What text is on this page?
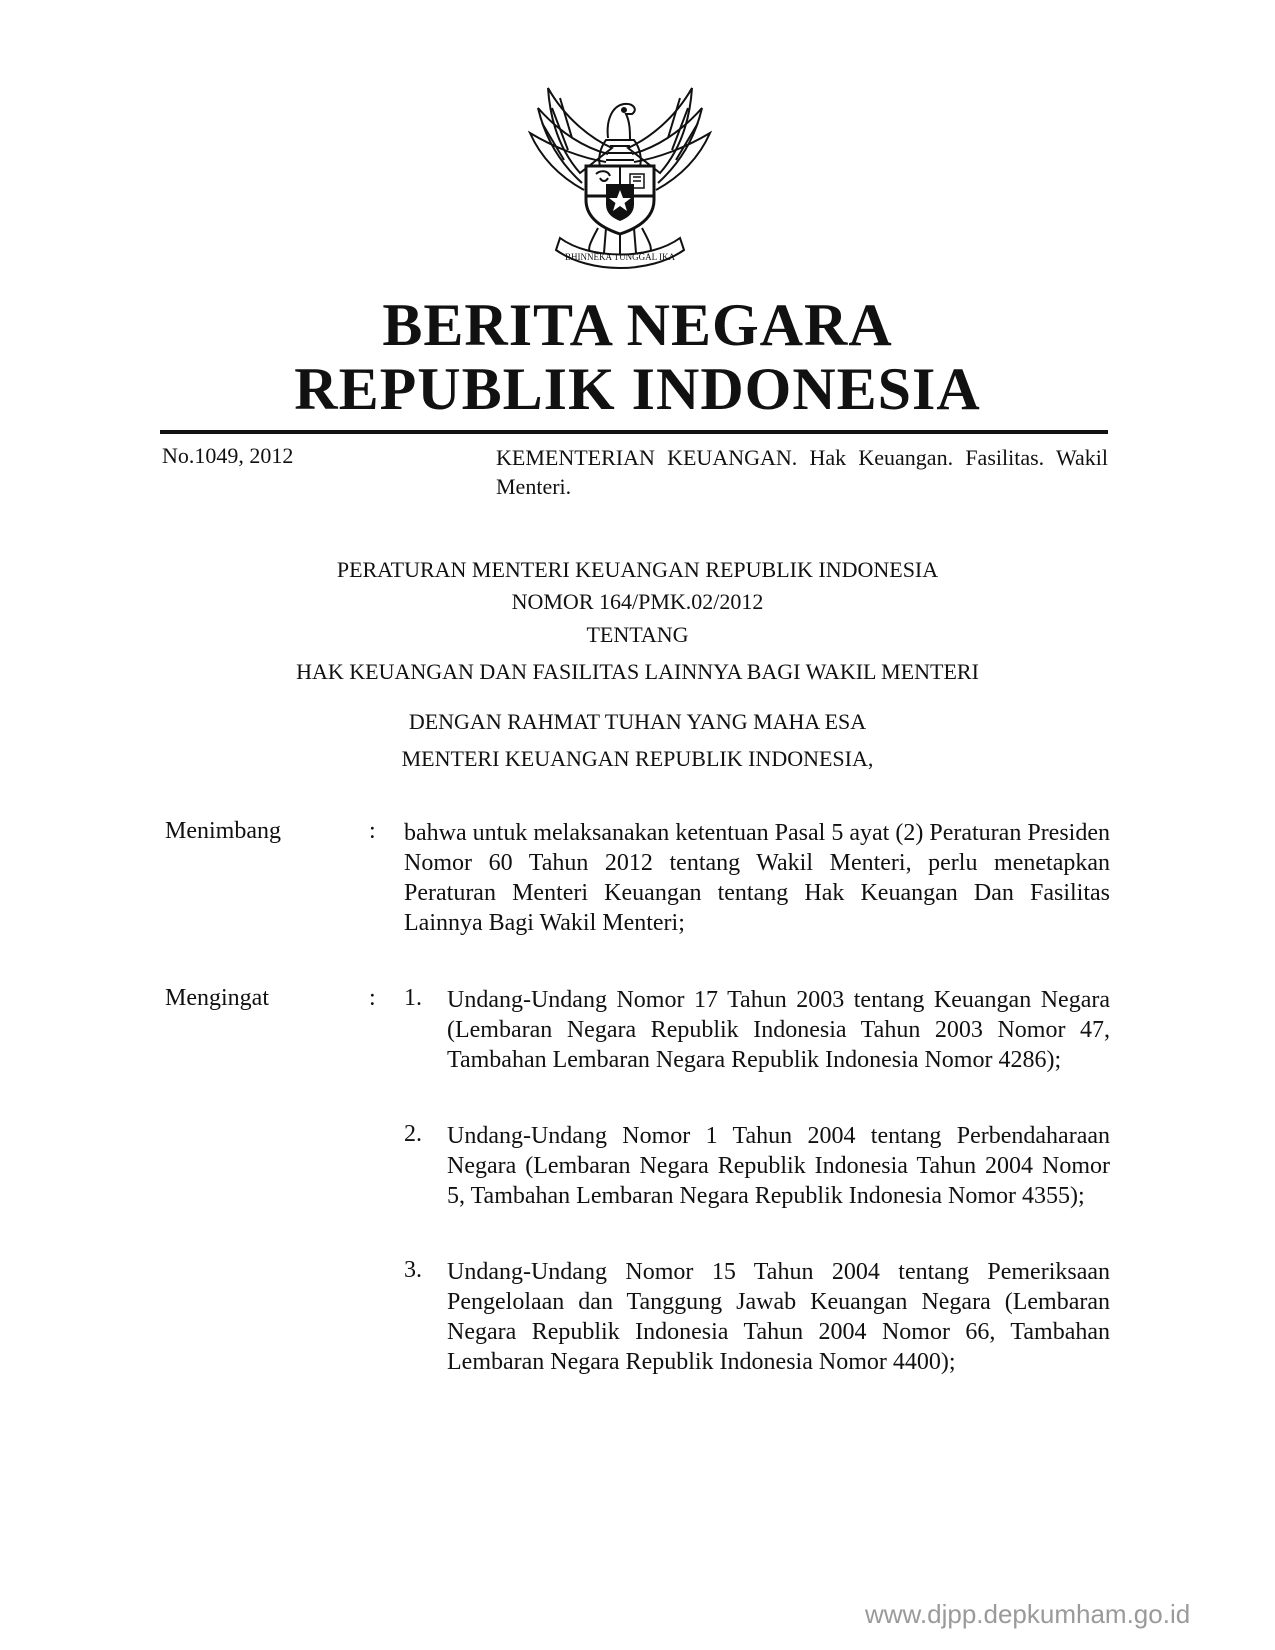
BHINNEKA TUNGGAL IKA
BERITA NEGARA
REPUBLIK INDONESIA
No.1049, 2012	KEMENTERIAN KEUANGAN. Hak Keuangan. Fasilitas. Wakil Menteri.
PERATURAN MENTERI KEUANGAN REPUBLIK INDONESIA
NOMOR 164/PMK.02/2012
TENTANG
HAK KEUANGAN DAN FASILITAS LAINNYA BAGI WAKIL MENTERI
DENGAN RAHMAT TUHAN YANG MAHA ESA
MENTERI KEUANGAN REPUBLIK INDONESIA,
Menimbang	: bahwa untuk melaksanakan ketentuan Pasal 5 ayat (2) Peraturan Presiden Nomor 60 Tahun 2012 tentang Wakil Menteri, perlu menetapkan Peraturan Menteri Keuangan tentang Hak Keuangan Dan Fasilitas Lainnya Bagi Wakil Menteri;
Mengingat	: 1. Undang-Undang Nomor 17 Tahun 2003 tentang Keuangan Negara (Lembaran Negara Republik Indonesia Tahun 2003 Nomor 47, Tambahan Lembaran Negara Republik Indonesia Nomor 4286);
2. Undang-Undang Nomor 1 Tahun 2004 tentang Perbendaharaan Negara (Lembaran Negara Republik Indonesia Tahun 2004 Nomor 5, Tambahan Lembaran Negara Republik Indonesia Nomor 4355);
3. Undang-Undang Nomor 15 Tahun 2004 tentang Pemeriksaan Pengelolaan dan Tanggung Jawab Keuangan Negara (Lembaran Negara Republik Indonesia Tahun 2004 Nomor 66, Tambahan Lembaran Negara Republik Indonesia Nomor 4400);
www.djpp.depkumham.go.id
